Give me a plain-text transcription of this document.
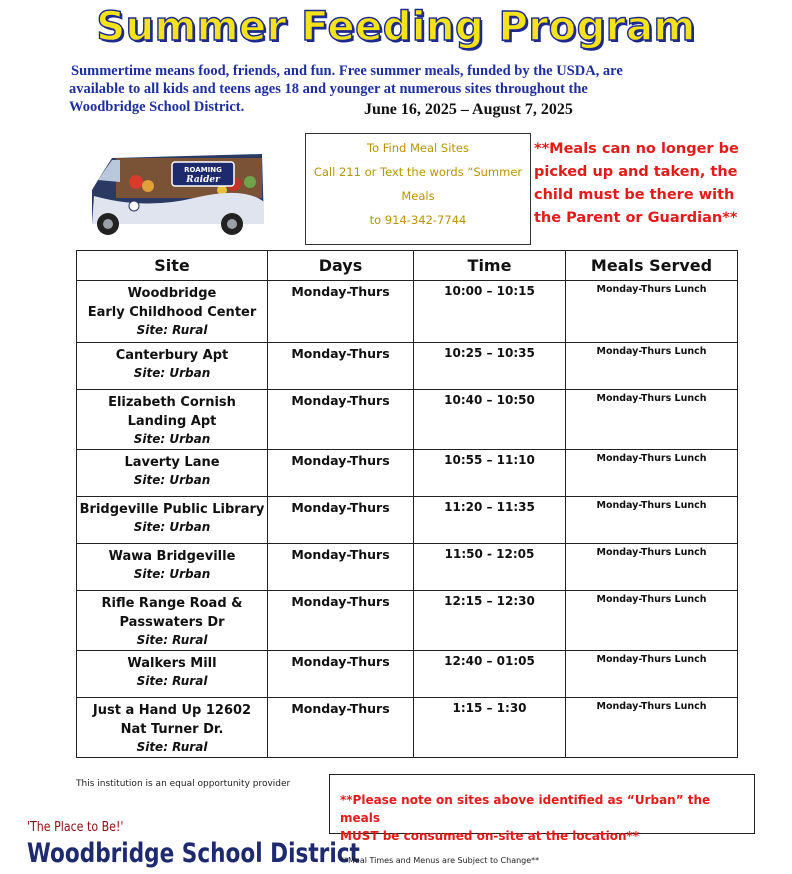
Summer Feeding Program
Summertime means food, friends, and fun. Free summer meals, funded by the USDA, are
available to all kids and teens ages 18 and younger at numerous sites throughout the
Woodbridge School District.	June 16, 2025 – August 7, 2025
ROAMING
Raider
To Find Meal Sites
Call 211 or Text the words “Summer
Meals
to 914-342-7744
**Meals can no longer be
picked up and taken, the
child must be there with
the Parent or Guardian**
Site	Days	Time	Meals Served

Woodbridge
Early Childhood Center
Site: Rural	Monday-Thurs	10:00 – 10:15	Monday-Thurs Lunch

Canterbury Apt
Site: Urban	Monday-Thurs	10:25 – 10:35	Monday-Thurs Lunch

Elizabeth Cornish
Landing Apt
Site: Urban	Monday-Thurs	10:40 – 10:50	Monday-Thurs Lunch

Laverty Lane
Site: Urban	Monday-Thurs	10:55 – 11:10	Monday-Thurs Lunch

Bridgeville Public Library
Site: Urban	Monday-Thurs	11:20 – 11:35	Monday-Thurs Lunch

Wawa Bridgeville
Site: Urban	Monday-Thurs	11:50 - 12:05	Monday-Thurs Lunch

Rifle Range Road &
Passwaters Dr
Site: Rural	Monday-Thurs	12:15 – 12:30	Monday-Thurs Lunch

Walkers Mill
Site: Rural	Monday-Thurs	12:40 – 01:05	Monday-Thurs Lunch

Just a Hand Up 12602
Nat Turner Dr.
Site: Rural	Monday-Thurs	1:15 – 1:30	Monday-Thurs Lunch
This institution is an equal opportunity provider
**Please note on sites above identified as “Urban” the meals
MUST be consumed on-site at the location**
'The Place to Be!'
Woodbridge School District
**Meal Times and Menus are Subject to Change**
